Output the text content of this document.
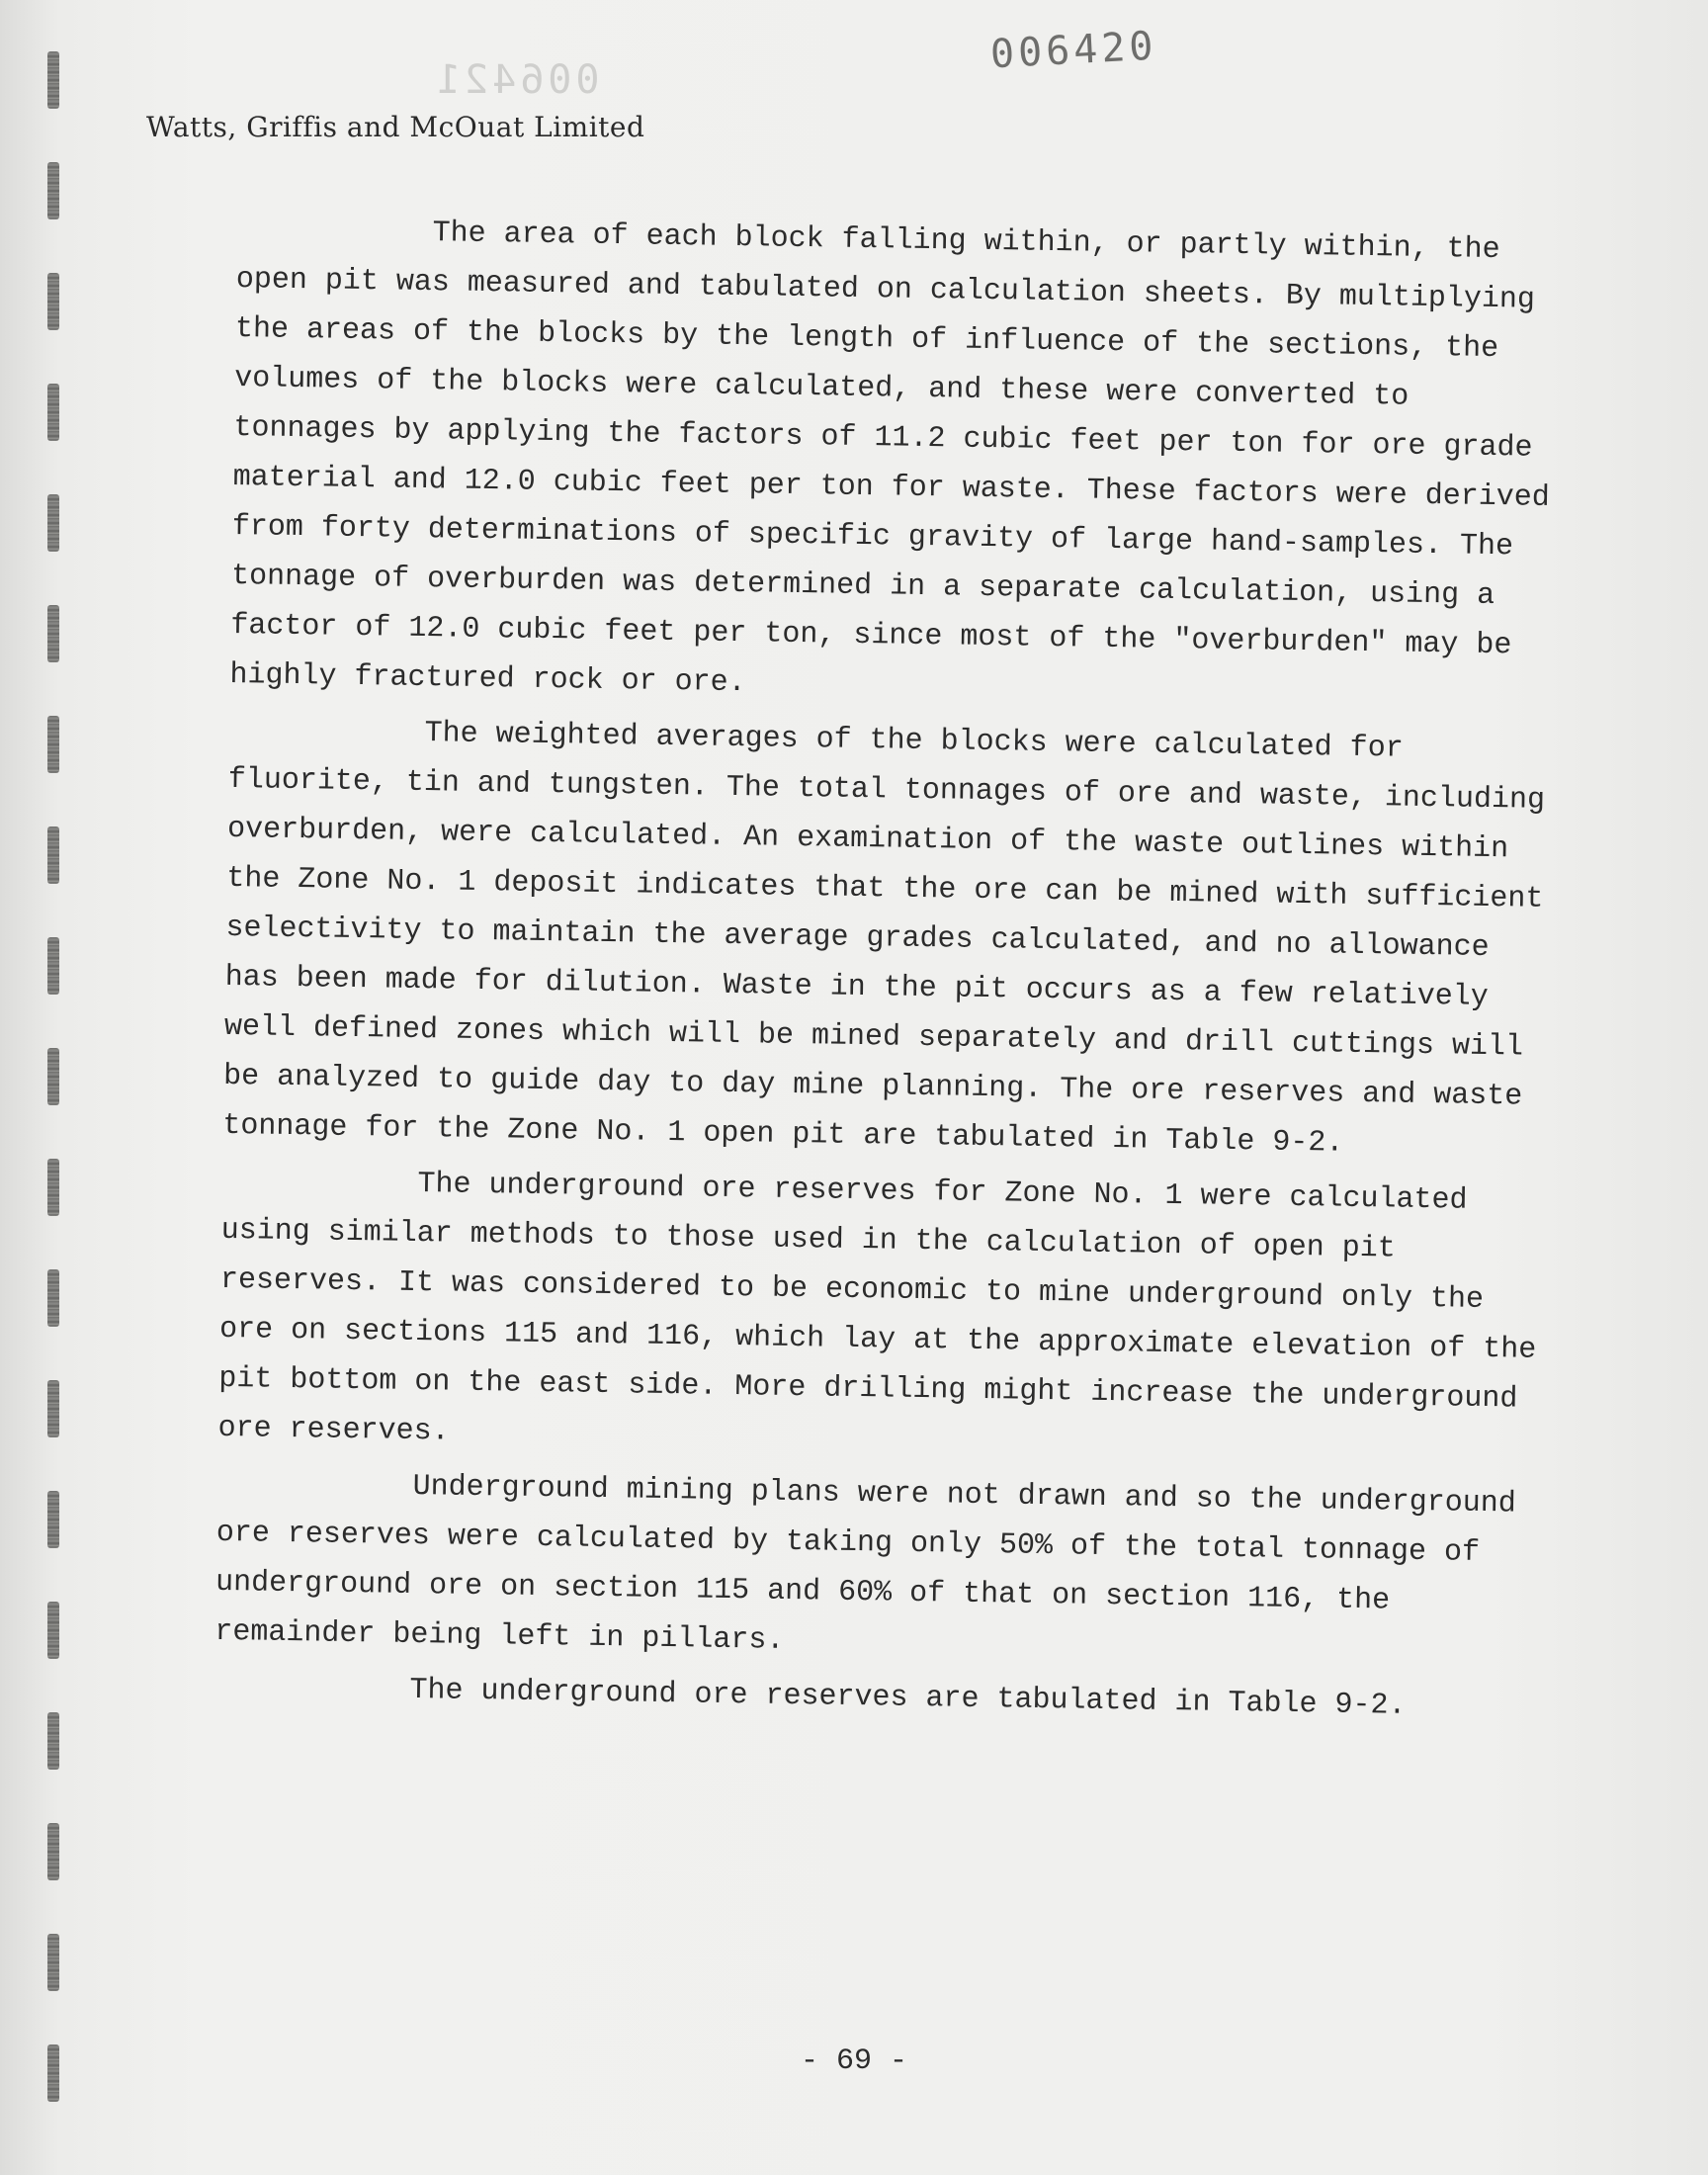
006421
006420
Watts, Griffis and McOuat Limited

The area of each block falling within, or partly within, the open pit was measured and tabulated on calculation sheets. By multiplying the areas of the blocks by the length of influence of the sections, the volumes of the blocks were calculated, and these were converted to tonnages by applying the factors of 11.2 cubic feet per ton for ore grade material and 12.0 cubic feet per ton for waste. These factors were derived from forty determinations of specific gravity of large hand-samples. The tonnage of overburden was determined in a separate calculation, using a factor of 12.0 cubic feet per ton, since most of the "overburden" may be highly fractured rock or ore.

The weighted averages of the blocks were calculated for fluorite, tin and tungsten. The total tonnages of ore and waste, including overburden, were calculated. An examination of the waste outlines within the Zone No. 1 deposit indicates that the ore can be mined with sufficient selectivity to maintain the average grades calculated, and no allowance has been made for dilution. Waste in the pit occurs as a few relatively well defined zones which will be mined separately and drill cuttings will be analyzed to guide day to day mine planning. The ore reserves and waste tonnage for the Zone No. 1 open pit are tabulated in Table 9-2.

The underground ore reserves for Zone No. 1 were calculated using similar methods to those used in the calculation of open pit reserves. It was considered to be economic to mine underground only the ore on sections 115 and 116, which lay at the approximate elevation of the pit bottom on the east side. More drilling might increase the underground ore reserves.

Underground mining plans were not drawn and so the underground ore reserves were calculated by taking only 50% of the total tonnage of underground ore on section 115 and 60% of that on section 116, the remainder being left in pillars.

The underground ore reserves are tabulated in Table 9-2.

- 69 -
